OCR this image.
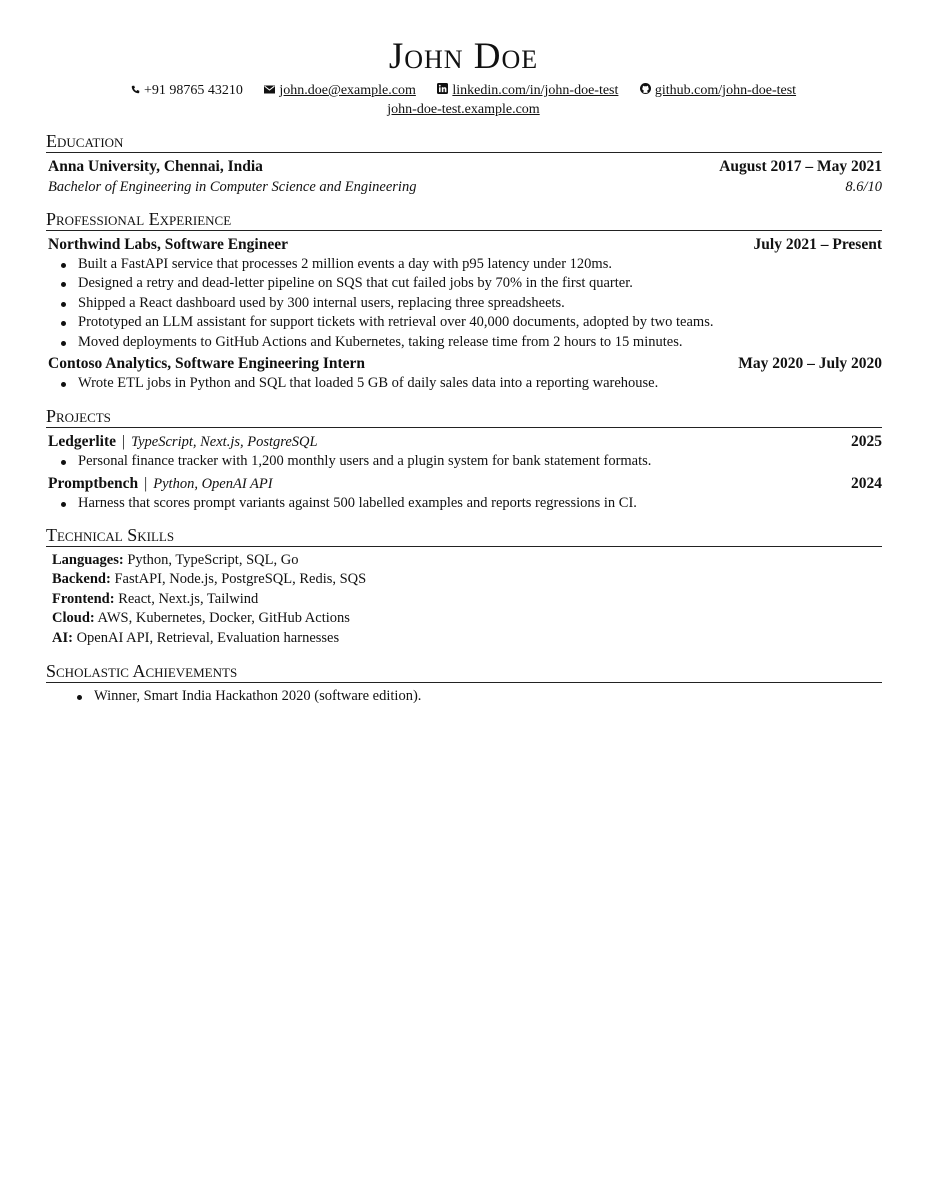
John Doe
+91 98765 43210	john.doe@example.com	linkedin.com/in/john-doe-test	github.com/john-doe-test
john-doe-test.example.com
Education
Anna University, Chennai, India	August 2017 – May 2021
Bachelor of Engineering in Computer Science and Engineering	8.6/10
Professional Experience
Northwind Labs, Software Engineer	July 2021 – Present
Built a FastAPI service that processes 2 million events a day with p95 latency under 120ms.
Designed a retry and dead-letter pipeline on SQS that cut failed jobs by 70% in the first quarter.
Shipped a React dashboard used by 300 internal users, replacing three spreadsheets.
Prototyped an LLM assistant for support tickets with retrieval over 40,000 documents, adopted by two teams.
Moved deployments to GitHub Actions and Kubernetes, taking release time from 2 hours to 15 minutes.
Contoso Analytics, Software Engineering Intern	May 2020 – July 2020
Wrote ETL jobs in Python and SQL that loaded 5 GB of daily sales data into a reporting warehouse.
Projects
Ledgerlite | TypeScript, Next.js, PostgreSQL	2025
Personal finance tracker with 1,200 monthly users and a plugin system for bank statement formats.
Promptbench | Python, OpenAI API	2024
Harness that scores prompt variants against 500 labelled examples and reports regressions in CI.
Technical Skills
Languages: Python, TypeScript, SQL, Go
Backend: FastAPI, Node.js, PostgreSQL, Redis, SQS
Frontend: React, Next.js, Tailwind
Cloud: AWS, Kubernetes, Docker, GitHub Actions
AI: OpenAI API, Retrieval, Evaluation harnesses
Scholastic Achievements
Winner, Smart India Hackathon 2020 (software edition).
